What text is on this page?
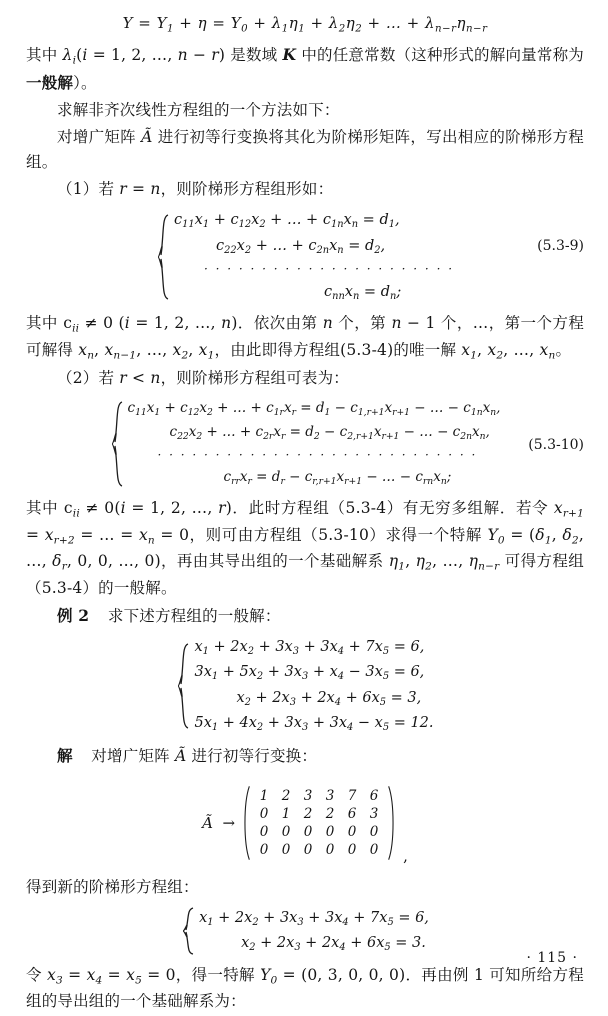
$Y = Y_1 + \eta = Y_0 + \lambda_1\eta_1 + \lambda_2\eta_2$ + … + $\lambda_{n-r}\eta_{n-r}$

其中 $\lambda_i(i = 1$, 2, …, n − r) 是数域 K 中的任意常数（这种形式的解向量常称为一般解）。

求解非齐次线性方程组的一个方法如下：

对增广矩阵 Ã 进行初等行变换将其化为阶梯形矩阵，写出相应的阶梯形方程组。

（1）若 r = n，则阶梯形方程组形如：

$c_{11}x_1 + c_{12}x_2$ + … + $c_{1n}x_n = d_1$,
$c_{22}x_2$ + … + $c_{2n}x_n = d_2$,
· · · · · · · · · · · · · · · · · · · · · ·
$c_{nn}x_n = d_n$;
(5.3-9)

其中 $c_{ii} \ne 0$ (i = 1, 2, …, n)．依次由第 n 个，第 n − 1 个，…，第一个方程可解得 $x_n$, $x_{n-1}$, …, $x_2$, $x_1$，由此即得方程组(5.3-4)的唯一解 $x_1$, $x_2$, …, $x_n$。

（2）若 r < n，则阶梯形方程组可表为：

$c_{11}x_1 + c_{12}x_2$ + … + $c_{1r}x_r = d_1 - c_{1,r+1}x_{r+1}$ − … − $c_{1n}x_n$,
$c_{22}x_2$ + … + $c_{2r}x_r = d_2 - c_{2,r+1}x_{r+1}$ − … − $c_{2n}x_n$,
· · · · · · · · · · · · · · · · · · · · · · · · · · · ·
$c_{rr}x_r = d_r - c_{r,r+1}x_{r+1}$ − … − $c_{rn}x_n$;
(5.3-10)

其中 $c_{ii} \ne 0(i = 1$, 2, …, r)．此时方程组（5.3-4）有无穷多组解．若令 $x_{r+1} = x_{r+2}$ = … = $x_n = 0$，则可由方程组（5.3-10）求得一个特解 $Y_0 = (\delta_1$, $\delta_2$, …, $\delta_r$, 0, 0, …, 0)，再由其导出组的一个基础解系 $\eta_1$, $\eta_2$, …, $\eta_{n-r}$ 可得方程组（5.3-4）的一般解。

例 2 求下述方程组的一般解：

$x_1 + 2x_2 + 3x_3 + 3x_4 + 7x_5 = 6$,
$3x_1 + 5x_2 + 3x_3 + x_4 - 3x_5 = 6$,
$x_2 + 2x_3 + 2x_4 + 6x_5 = 3$,
$5x_1 + 4x_2 + 3x_3 + 3x_4 - x_5 = 12$.

解 对增广矩阵 Ã 进行初等行变换：

Ã  →
1 2 3 3 7 6
0 1 2 2 6 3
0 0 0 0 0 0
0 0 0 0 0 0	,

得到新的阶梯形方程组：

$x_1 + 2x_2 + 3x_3 + 3x_4 + 7x_5 = 6$,
$x_2 + 2x_3 + 2x_4 + 6x_5 = 3$.

令 $x_3 = x_4 = x_5 = 0$，得一特解 $Y_0 = (0$, 3, 0, 0, 0)．再由例 1 可知所给方程组的导出组的一个基础解系为：

· 115 ·
